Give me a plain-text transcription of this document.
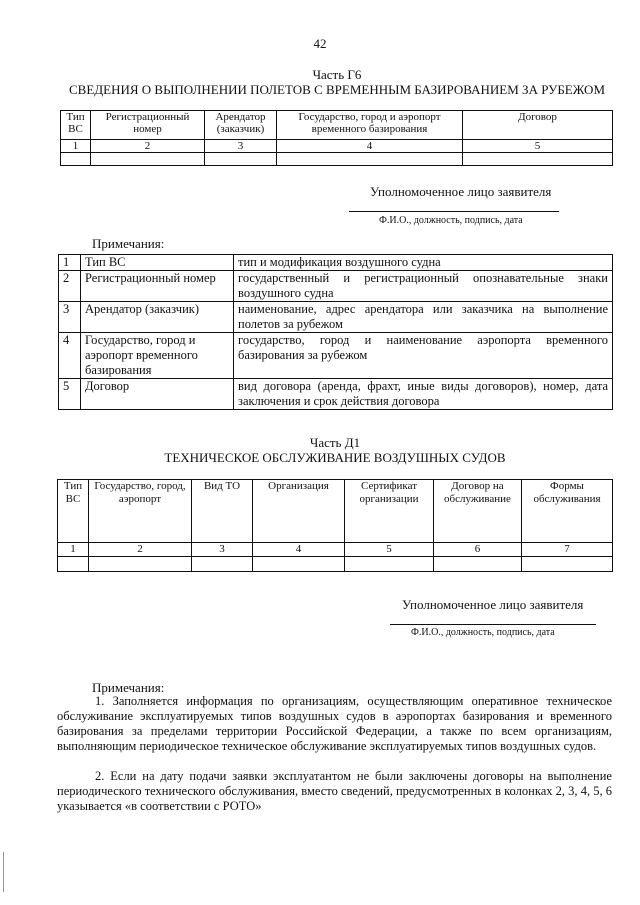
42
Часть Г6
СВЕДЕНИЯ О ВЫПОЛНЕНИИ ПОЛЕТОВ С ВРЕМЕННЫМ БАЗИРОВАНИЕМ ЗА РУБЕЖОМ
Тип ВС	Регистрационный номер	Арендатор (заказчик)	Государство, город и аэропорт временного базирования	Договор
1	2	3	4	5

Уполномоченное лицо заявителя
Ф.И.О., должность, подпись, дата
Примечания:
1	Тип ВС	тип и модификация воздушного судна
2	Регистрационный номер	государственный и регистрационный опознавательные знаки воздушного судна
3	Арендатор (заказчик)	наименование, адрес арендатора или заказчика на выполнение полетов за рубежом
4	Государство, город и аэропорт временного базирования	государство, город и наименование аэропорта временного базирования за рубежом
5	Договор	вид договора (аренда, фрахт, иные виды договоров), номер, дата заключения и срок действия договора
Часть Д1
ТЕХНИЧЕСКОЕ ОБСЛУЖИВАНИЕ ВОЗДУШНЫХ СУДОВ
Тип ВС	Государство, город, аэропорт	Вид ТО	Организация	Сертификат организации	Договор на обслуживание	Формы обслуживания
1	2	3	4	5	6	7

Уполномоченное лицо заявителя
Ф.И.О., должность, подпись, дата
Примечания:
1. Заполняется информация по организациям, осуществляющим оперативное техническое обслуживание эксплуатируемых типов воздушных судов в аэропортах базирования и временного базирования за пределами территории Российской Федерации, а также по всем организациям, выполняющим периодическое техническое обслуживание эксплуатируемых типов воздушных судов.
2. Если на дату подачи заявки эксплуатантом не были заключены договоры на выполнение периодического технического обслуживания, вместо сведений, предусмотренных в колонках 2, 3, 4, 5, 6 указывается «в соответствии с РОТО»
